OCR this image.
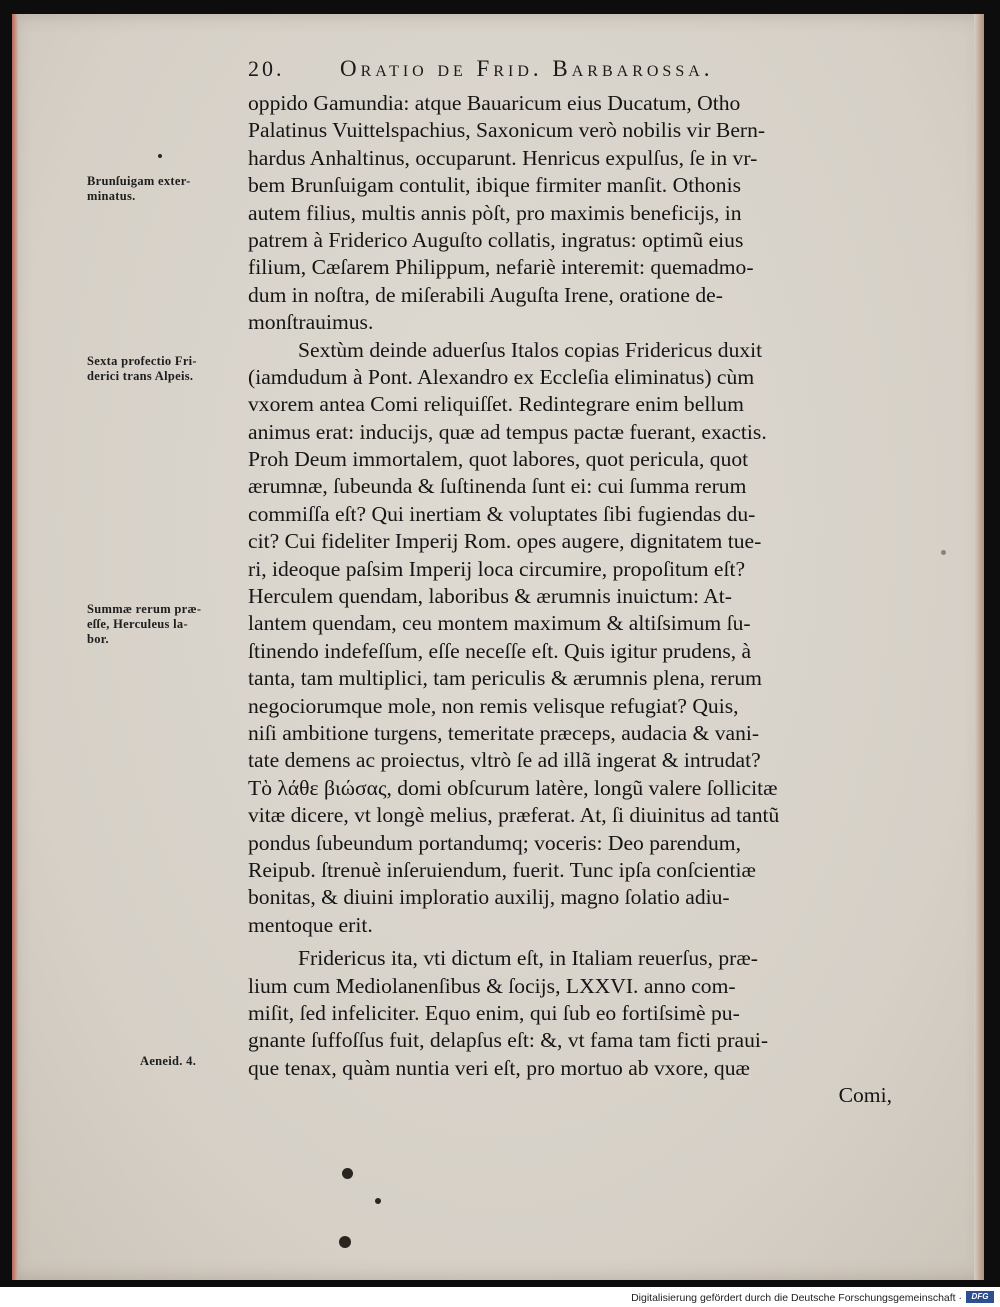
20. Oratio de Frid. Barbarossa.
Brunſuigam exter-
minatus.
Sexta profectio Fri-
derici trans Alpeis.
Summæ rerum præ-
eſſe, Herculeus la-
bor.
Aeneid. 4.
oppido Gamundia: atque Bauaricum eius Ducatum, Otho
Palatinus Vuittelspachius, Saxonicum verò nobilis vir Bern-
hardus Anhaltinus, occuparunt. Henricus expulſus, ſe in vr-
bem Brunſuigam contulit, ibique firmiter manſit. Othonis
autem filius, multis annis pòſt, pro maximis beneficijs, in
patrem à Friderico Auguſto collatis, ingratus: optimũ eius
filium, Cæſarem Philippum, nefariè interemit: quemadmo-
dum in noſtra, de miſerabili Auguſta Irene, oratione de-
monſtrauimus.
Sextùm deinde aduerſus Italos copias Fridericus duxit
(iamdudum à Pont. Alexandro ex Eccleſia eliminatus) cùm
vxorem antea Comi reliquiſſet. Redintegrare enim bellum
animus erat: inducijs, quæ ad tempus pactæ fuerant, exactis.
Proh Deum immortalem, quot labores, quot pericula, quot
ærumnæ, ſubeunda & ſuſtinenda ſunt ei: cui ſumma rerum
commiſſa eſt? Qui inertiam & voluptates ſibi fugiendas du-
cit? Cui fideliter Imperij Rom. opes augere, dignitatem tue-
ri, ideoque paſsim Imperij loca circumire, propoſitum eſt?
Herculem quendam, laboribus & ærumnis inuictum: At-
lantem quendam, ceu montem maximum & altiſsimum ſu-
ſtinendo indefeſſum, eſſe neceſſe eſt. Quis igitur prudens, à
tanta, tam multiplici, tam periculis & ærumnis plena, rerum
negociorumque mole, non remis velisque refugiat? Quis,
niſi ambitione turgens, temeritate præceps, audacia & vani-
tate demens ac proiectus, vltrò ſe ad illã ingerat & intrudat?
Τὸ λάθε βιώσας, domi obſcurum latère, longũ valere ſollicitæ
vitæ dicere, vt longè melius, præferat. At, ſi diuinitus ad tantũ
pondus ſubeundum portandumq; voceris: Deo parendum,
Reipub. ſtrenuè inſeruiendum, fuerit. Tunc ipſa conſcientiæ
bonitas, & diuini imploratio auxilij, magno ſolatio adiu-
mentoque erit.
Fridericus ita, vti dictum eſt, in Italiam reuerſus, præ-
lium cum Mediolanenſibus & ſocijs, LXXVI. anno com-
miſit, ſed infeliciter. Equo enim, qui ſub eo fortiſsimè pu-
gnante ſuffoſſus fuit, delapſus eſt: &, vt fama tam ficti praui-
que tenax, quàm nuntia veri eſt, pro mortuo ab vxore, quæ
Comi,
Digitalisierung gefördert durch die Deutsche Forschungsgemeinschaft ·	DFG
